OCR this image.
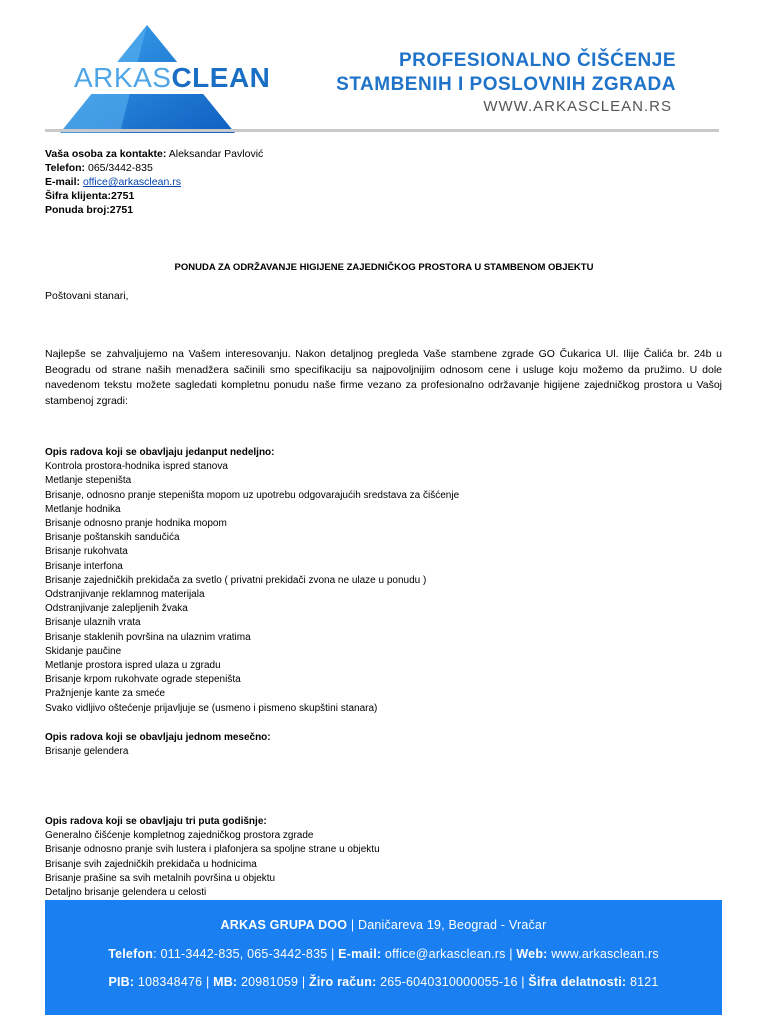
ARKASCLEAN
PROFESIONALNO ČIŠĆENJE
STAMBENIH I POSLOVNIH ZGRADA
WWW.ARKASCLEAN.RS
Vaša osoba za kontakte: Aleksandar Pavlović
Telefon: 065/3442-835
E-mail: office@arkasclean.rs
Šifra klijenta:2751
Ponuda broj:2751
PONUDA ZA ODRŽAVANJE HIGIJENE ZAJEDNIČKOG PROSTORA U STAMBENOM OBJEKTU
Poštovani stanari,
Najlepše se zahvaljujemo na Vašem interesovanju. Nakon detaljnog pregleda Vaše stambene zgrade GO Čukarica Ul. Ilije Čalića br. 24b u Beogradu od strane naših menadžera sačinili smo specifikaciju sa najpovoljnijim odnosom cene i usluge koju možemo da pružimo. U dole navedenom tekstu možete sagledati kompletnu ponudu naše firme vezano za profesionalno održavanje higijene zajedničkog prostora u Vašoj stambenoj zgradi:
Opis radova koji se obavljaju jedanput nedeljno:
Kontrola prostora-hodnika ispred stanova
Metlanje stepeništa
Brisanje, odnosno pranje stepeništa mopom uz upotrebu odgovarajućih sredstava za čišćenje
Metlanje hodnika
Brisanje odnosno pranje hodnika mopom
Brisanje poštanskih sandučića
Brisanje rukohvata
Brisanje interfona
Brisanje zajedničkih prekidača za svetlo ( privatni prekidači zvona ne ulaze u ponudu )
Odstranjivanje reklamnog materijala
Odstranjivanje zalepljenih žvaka
Brisanje ulaznih vrata
Brisanje staklenih površina na ulaznim vratima
Skidanje paučine
Metlanje prostora ispred ulaza u zgradu
Brisanje krpom rukohvate ograde stepeništa
Pražnjenje kante za smeće
Svako vidljivo oštećenje prijavljuje se (usmeno i pismeno skupštini stanara)
Opis radova koji se obavljaju jednom mesečno:
Brisanje gelendera
Opis radova koji se obavljaju tri puta godišnje:
Generalno čišćenje kompletnog zajedničkog prostora zgrade
Brisanje odnosno pranje svih lustera i plafonjera sa spoljne strane u objektu
Brisanje svih zajedničkih prekidača u hodnicima
Brisanje prašine sa svih metalnih površina u objektu
Detaljno brisanje gelendera u celosti
ARKAS GRUPA DOO | Daničareva 19, Beograd - Vračar
Telefon: 011-3442-835, 065-3442-835 | E-mail: office@arkasclean.rs | Web: www.arkasclean.rs
PIB: 108348476 | MB: 20981059 | Žiro račun: 265-6040310000055-16 | Šifra delatnosti: 8121
